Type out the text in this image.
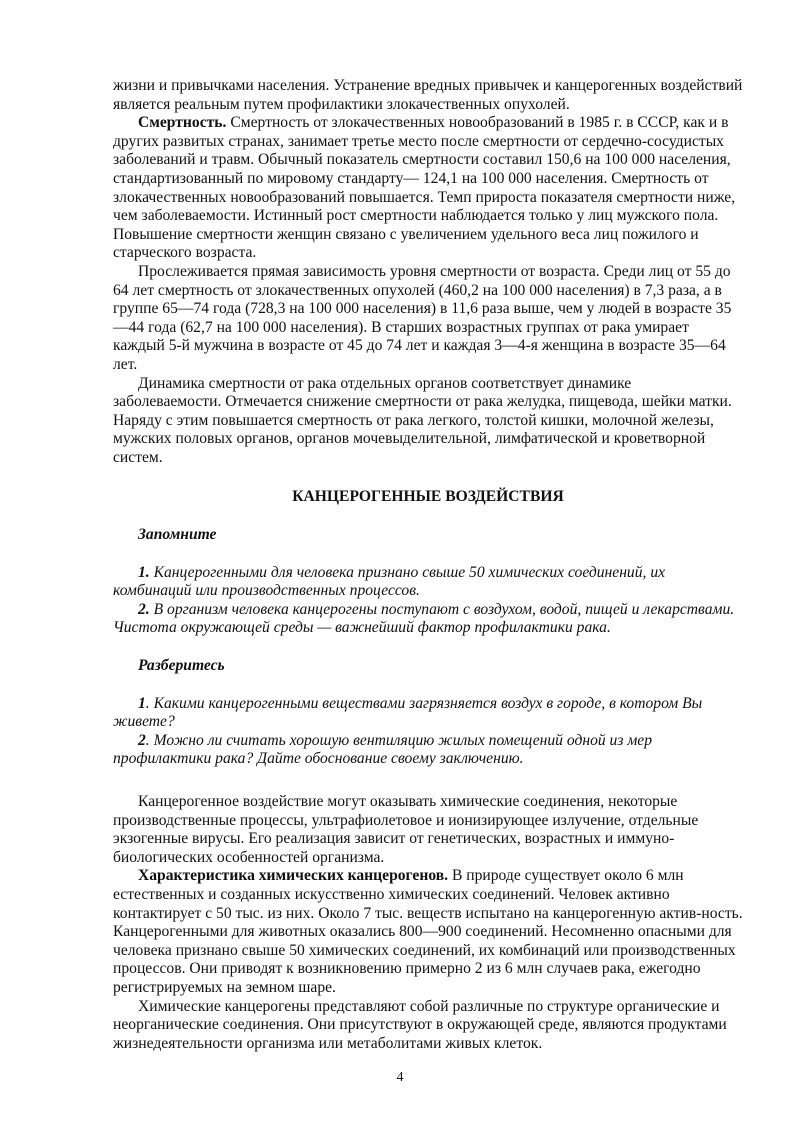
жизни и привычками населения. Устранение вредных привычек и канцерогенных воздействий является реальным путем профилактики злокачественных опухолей.

Смертность. Смертность от злокачественных новообразований в 1985 г. в СССР, как и в других развитых странах, занимает третье место после смертности от сердечно-сосудистых заболеваний и травм. Обычный показатель смертности составил 150,6 на 100 000 населения, стандартизованный по мировому стандарту— 124,1 на 100 000 населения. Смертность от злокачественных новообразований повышается. Темп прироста показателя смертности ниже, чем заболеваемости. Истинный рост смертности наблюдается только у лиц мужского пола. Повышение смертности женщин связано с увеличением удельного веса лиц пожилого и старческого возраста.

Прослеживается прямая зависимость уровня смертности от возраста. Среди лиц от 55 до 64 лет смертность от злокачественных опухолей (460,2 на 100 000 населения) в 7,3 раза, а в группе 65—74 года (728,3 на 100 000 населения) в 11,6 раза выше, чем у людей в возрасте 35—44 года (62,7 на 100 000 населения). В старших возрастных группах от рака умирает каждый 5-й мужчина в возрасте от 45 до 74 лет и каждая 3—4-я женщина в возрасте 35—64 лет.

Динамика смертности от рака отдельных органов соответствует динамике заболеваемости. Отмечается снижение смертности от рака желудка, пищевода, шейки матки. Наряду с этим повышается смертность от рака легкого, толстой кишки, молочной железы, мужских половых органов, органов мочевыделительной, лимфатической и кроветворной систем.

КАНЦЕРОГЕННЫЕ ВОЗДЕЙСТВИЯ

Запомните

1. Канцерогенными для человека признано свыше 50 химических соединений, их комбинаций или производственных процессов.

2. В организм человека канцерогены поступают с воздухом, водой, пищей и лекарствами. Чистота окружающей среды — важнейший фактор профилактики рака.

Разберитесь

1. Какими канцерогенными веществами загрязняется воздух в городе, в котором Вы живете?

2. Можно ли считать хорошую вентиляцию жилых помещений одной из мер профилактики рака? Дайте обоснование своему заключению.

Канцерогенное воздействие могут оказывать химические соединения, некоторые производственные процессы, ультрафиолетовое и ионизирующее излучение, отдельные экзогенные вирусы. Его реализация зависит от генетических, возрастных и иммуно-биологических особенностей организма.

Характеристика химических канцерогенов. В природе существует около 6 млн естественных и созданных искусственно химических соединений. Человек активно контактирует с 50 тыс. из них. Около 7 тыс. веществ испытано на канцерогенную актив-ность. Канцерогенными для животных оказались 800—900 соединений. Несомненно опасными для человека признано свыше 50 химических соединений, их комбинаций или производственных процессов. Они приводят к возникновению примерно 2 из 6 млн случаев рака, ежегодно регистрируемых на земном шаре.

Химические канцерогены представляют собой различные по структуре органические и неорганические соединения. Они присутствуют в окружающей среде, являются продуктами жизнедеятельности организма или метаболитами живых клеток.

4
